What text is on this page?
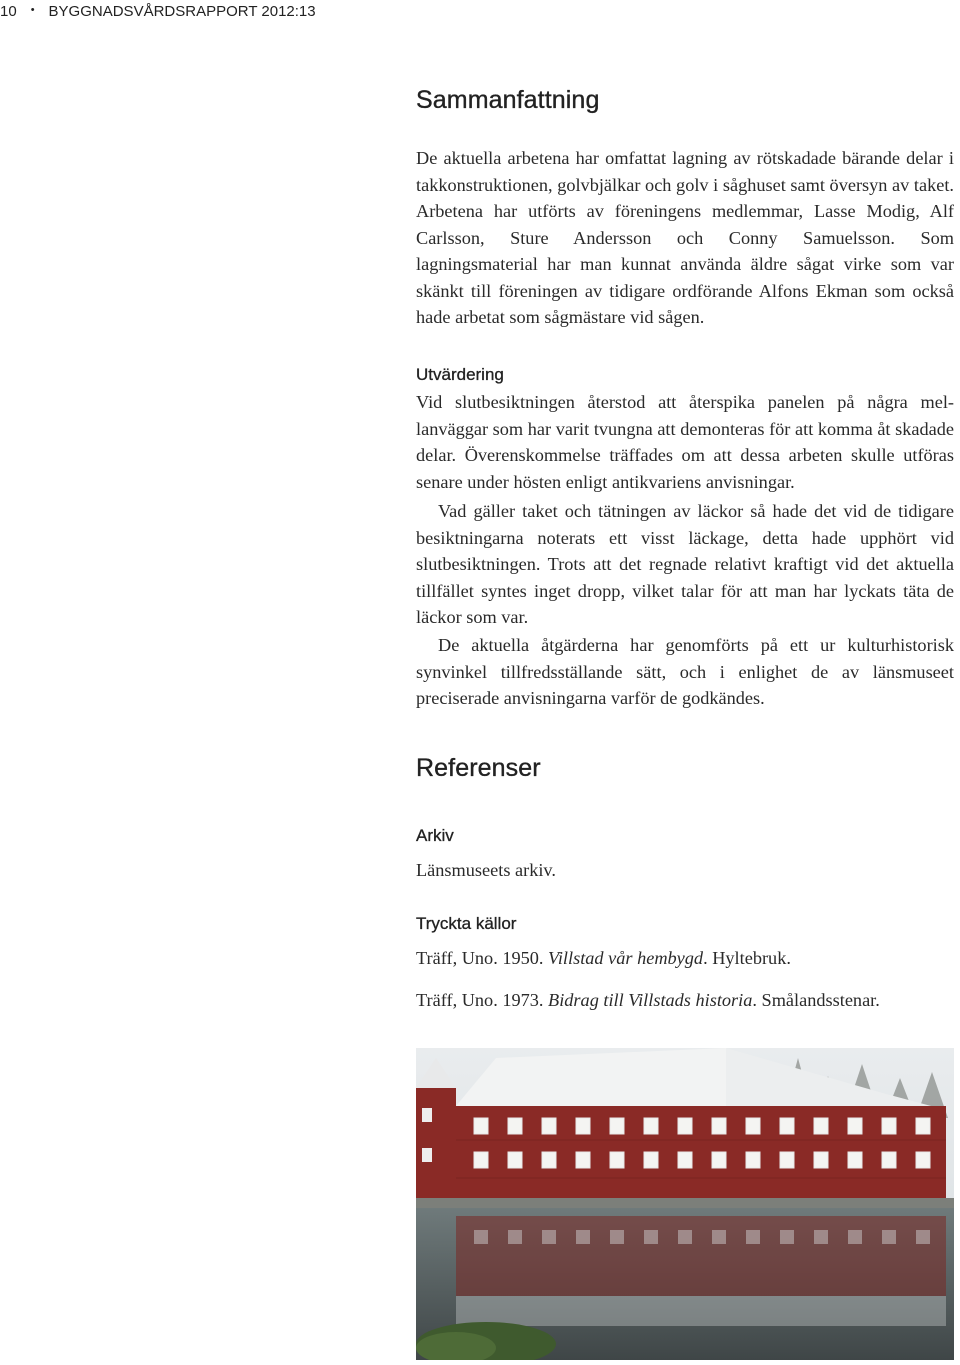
10 • BYGGNADSVÅRDSRAPPORT 2012:13
Sammanfattning

De aktuella arbetena har omfattat lagning av rötskadade bärande delar i takkonstruktionen, golvbjälkar och golv i såghuset samt översyn av taket. Arbetena har utförts av föreningens medlemmar, Lasse Modig, Alf Carlsson, Sture Andersson och Conny Samuelsson. Som lagningsmaterial har man kunnat använda äldre sågat virke som var skänkt till föreningen av tidigare ordförande Alfons Ekman som också hade arbetat som sågmästare vid sågen.

Utvärdering

Vid slutbesiktningen återstod att återspika panelen på några mellanväggar som har varit tvungna att demonteras för att komma åt skadade delar. Överenskommelse träffades om att dessa arbeten skulle utföras senare under hösten enligt antikvariens anvisningar.

Vad gäller taket och tätningen av läckor så hade det vid de tidigare besiktningarna noterats ett visst läckage, detta hade upphört vid slutbesiktningen. Trots att det regnade relativt kraftigt vid det aktuella tillfället syntes inget dropp, vilket talar för att man har lyckats täta de läckor som var.

De aktuella åtgärderna har genomförts på ett ur kulturhistorisk synvinkel tillfredsställande sätt, och i enlighet de av länsmuseet preciserade anvisningarna varför de godkändes.

Referenser
Arkiv

Länsmuseets arkiv.

Tryckta källor

Träff, Uno. 1950. Villstad vår hembygd. Hyltebruk.

Träff, Uno. 1973. Bidrag till Villstads historia. Smålandsstenar.
